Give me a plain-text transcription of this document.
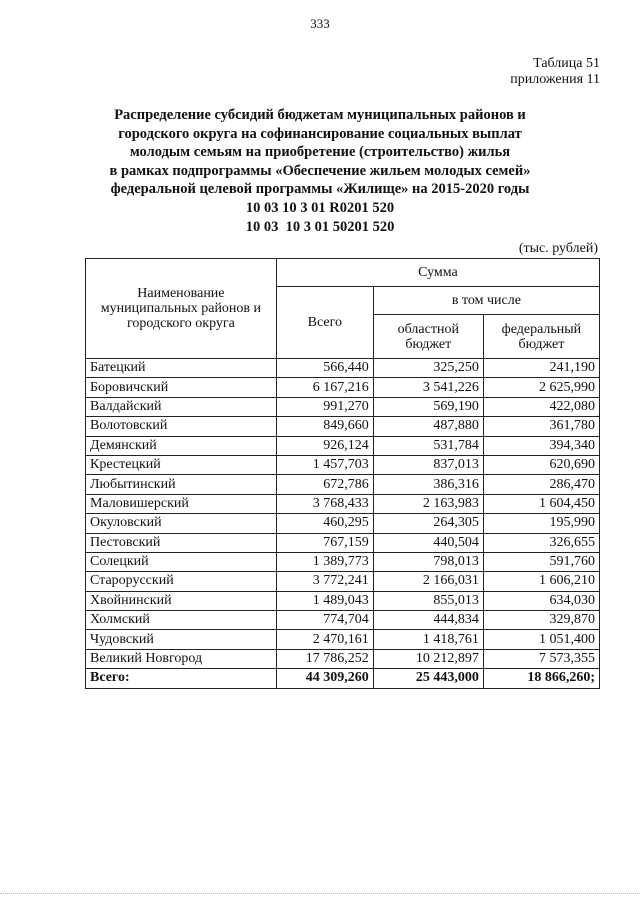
333
Таблица 51
приложения 11
Распределение субсидий бюджетам муниципальных районов и
городского округа на софинансирование социальных выплат
молодым семьям на приобретение (строительство) жилья
в рамках подпрограммы «Обеспечение жильем молодых семей»
федеральной целевой программы «Жилище» на 2015-2020 годы
10 03 10 3 01 R0201 520
10 03  10 3 01 50201 520
(тыс. рублей)
Наименование муниципальных районов и городского округа	Сумма		
	Всего	в том числе	
		областной бюджет	федеральный бюджет
Батецкий	566,440	325,250	241,190
Боровичский	6 167,216	3 541,226	2 625,990
Валдайский	991,270	569,190	422,080
Волотовский	849,660	487,880	361,780
Демянский	926,124	531,784	394,340
Крестецкий	1 457,703	837,013	620,690
Любытинский	672,786	386,316	286,470
Маловишерский	3 768,433	2 163,983	1 604,450
Окуловский	460,295	264,305	195,990
Пестовский	767,159	440,504	326,655
Солецкий	1 389,773	798,013	591,760
Старорусский	3 772,241	2 166,031	1 606,210
Хвойнинский	1 489,043	855,013	634,030
Холмский	774,704	444,834	329,870
Чудовский	2 470,161	1 418,761	1 051,400
Великий Новгород	17 786,252	10 212,897	7 573,355
Всего:	44 309,260	25 443,000	18 866,260;
